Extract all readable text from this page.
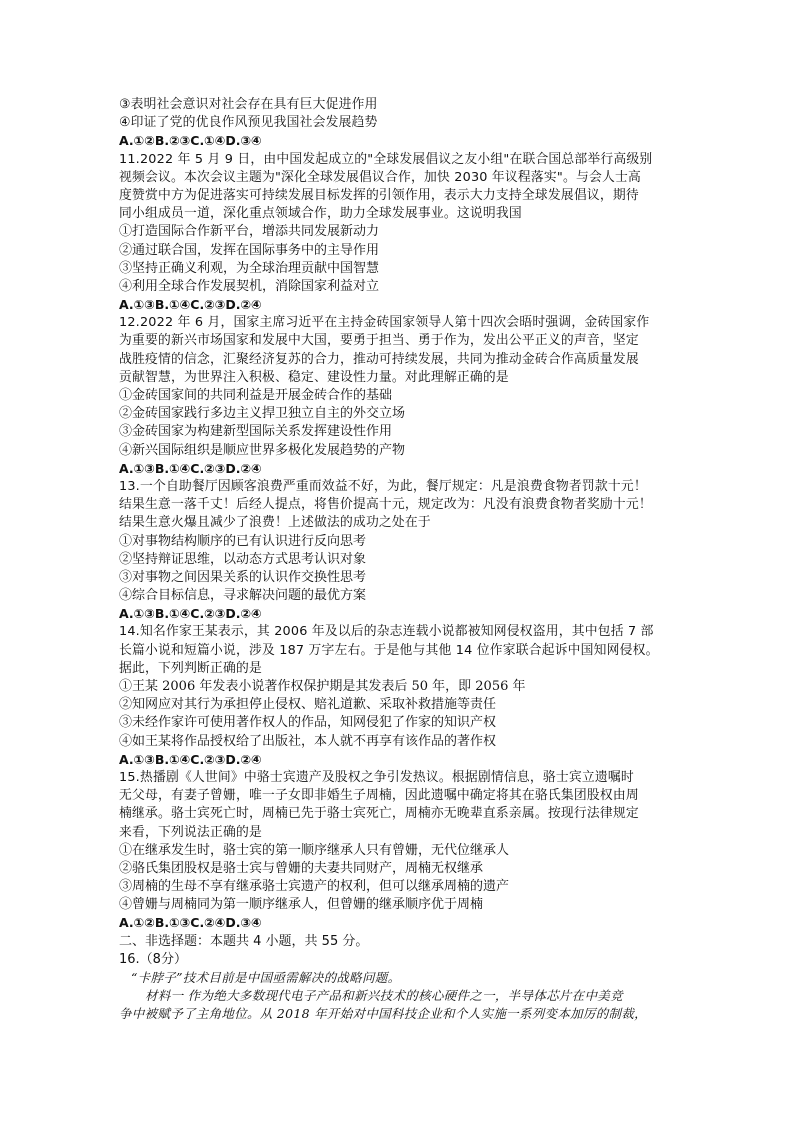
③表明社会意识对社会存在具有巨大促进作用
④印证了党的优良作风预见我国社会发展趋势
A.①②B.②③C.①④D.③④
11.2022 年 5 月 9 日，由中国发起成立的"全球发展倡议之友小组"在联合国总部举行高级别
视频会议。本次会议主题为"深化全球发展倡议合作，加快 2030 年议程落实"。与会人士高
度赞赏中方为促进落实可持续发展目标发挥的引领作用，表示大力支持全球发展倡议，期待
同小组成员一道，深化重点领域合作，助力全球发展事业。这说明我国
①打造国际合作新平台，增添共同发展新动力
②通过联合国，发挥在国际事务中的主导作用
③坚持正确义利观，为全球治理贡献中国智慧
④利用全球合作发展契机，消除国家利益对立
A.①③B.①④C.②③D.②④
12.2022 年 6 月，国家主席习近平在主持金砖国家领导人第十四次会晤时强调，金砖国家作
为重要的新兴市场国家和发展中大国，要勇于担当、勇于作为，发出公平正义的声音，坚定
战胜疫情的信念，汇聚经济复苏的合力，推动可持续发展，共同为推动金砖合作高质量发展
贡献智慧，为世界注入积极、稳定、建设性力量。对此理解正确的是
①金砖国家间的共同利益是开展金砖合作的基础
②金砖国家践行多边主义捍卫独立自主的外交立场
③金砖国家为构建新型国际关系发挥建设性作用
④新兴国际组织是顺应世界多极化发展趋势的产物
A.①③B.①④C.②③D.②④
13.一个自助餐厅因顾客浪费严重而效益不好，为此，餐厅规定：凡是浪费食物者罚款十元！
结果生意一落千丈！后经人提点，将售价提高十元，规定改为：凡没有浪费食物者奖励十元！
结果生意火爆且减少了浪费！上述做法的成功之处在于
①对事物结构顺序的已有认识进行反向思考
②坚持辩证思维，以动态方式思考认识对象
③对事物之间因果关系的认识作交换性思考
④综合目标信息，寻求解决问题的最优方案
A.①③B.①④C.②③D.②④
14.知名作家王某表示，其 2006 年及以后的杂志连载小说都被知网侵权盗用，其中包括 7 部
长篇小说和短篇小说，涉及 187 万字左右。于是他与其他 14 位作家联合起诉中国知网侵权。
据此，下列判断正确的是
①王某 2006 年发表小说著作权保护期是其发表后 50 年，即 2056 年
②知网应对其行为承担停止侵权、赔礼道歉、采取补救措施等责任
③未经作家许可使用著作权人的作品，知网侵犯了作家的知识产权
④如王某将作品授权给了出版社，本人就不再享有该作品的著作权
A.①③B.①④C.②③D.②④
15.热播剧《人世间》中骆士宾遗产及股权之争引发热议。根据剧情信息，骆士宾立遗嘱时
无父母，有妻子曾姗，唯一子女即非婚生子周楠，因此遗嘱中确定将其在骆氏集团股权由周
楠继承。骆士宾死亡时，周楠已先于骆士宾死亡，周楠亦无晚辈直系亲属。按现行法律规定
来看，下列说法正确的是
①在继承发生时，骆士宾的第一顺序继承人只有曾姗，无代位继承人
②骆氏集团股权是骆士宾与曾姗的夫妻共同财产，周楠无权继承
③周楠的生母不享有继承骆士宾遗产的权利，但可以继承周楠的遗产
④曾姗与周楠同为第一顺序继承人，但曾姗的继承顺序优于周楠
A.①②B.①③C.②④D.③④
二、非选择题：本题共 4 小题，共 55 分。
16.（8分）
“卡脖子”技术目前是中国亟需解决的战略问题。
材料一 作为绝大多数现代电子产品和新兴技术的核心硬件之一，半导体芯片在中美竞
争中被赋予了主角地位。从 2018 年开始对中国科技企业和个人实施一系列变本加厉的制裁，
